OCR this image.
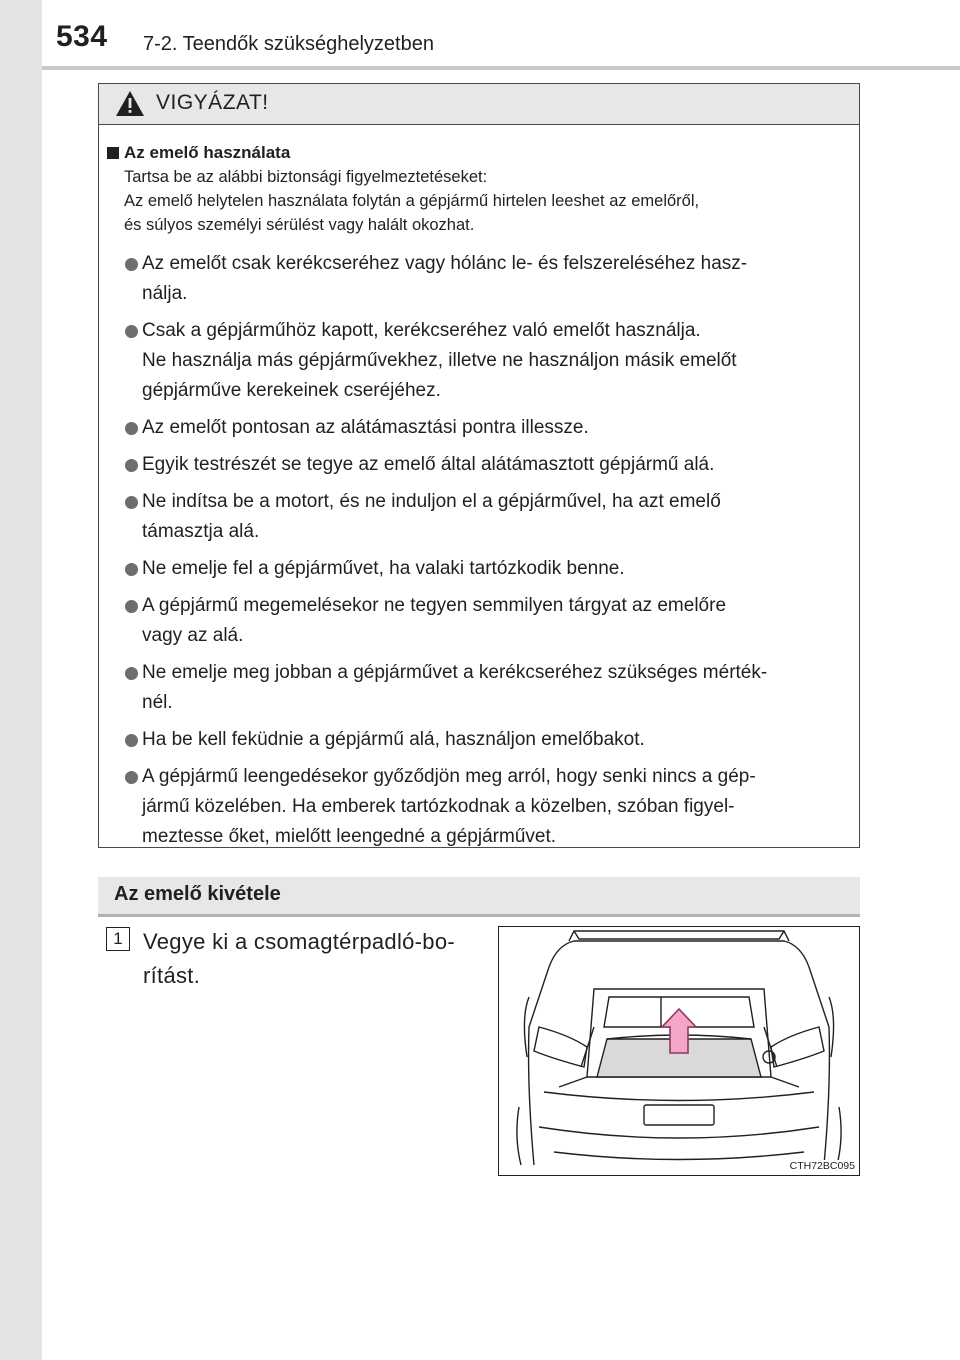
534 7-2. Teendők szükséghelyzetben
VIGYÁZAT!
Az emelő használata
Tartsa be az alábbi biztonsági figyelmeztetéseket:
Az emelő helytelen használata folytán a gépjármű hirtelen leeshet az emelőről,
és súlyos személyi sérülést vagy halált okozhat.
Az emelőt csak kerékcseréhez vagy hólánc le- és felszereléséhez hasz-
nálja.
Csak a gépjárműhöz kapott, kerékcseréhez való emelőt használja.
Ne használja más gépjárművekhez, illetve ne használjon másik emelőt
gépjárműve kerekeinek cseréjéhez.
Az emelőt pontosan az alátámasztási pontra illessze.
Egyik testrészét se tegye az emelő által alátámasztott gépjármű alá.
Ne indítsa be a motort, és ne induljon el a gépjárművel, ha azt emelő
támasztja alá.
Ne emelje fel a gépjárművet, ha valaki tartózkodik benne.
A gépjármű megemelésekor ne tegyen semmilyen tárgyat az emelőre
vagy az alá.
Ne emelje meg jobban a gépjárművet a kerékcseréhez szükséges mérték-
nél.
Ha be kell feküdnie a gépjármű alá, használjon emelőbakot.
A gépjármű leengedésekor győződjön meg arról, hogy senki nincs a gép-
jármű közelében. Ha emberek tartózkodnak a közelben, szóban figyel-
meztesse őket, mielőtt leengedné a gépjárművet.
Az emelő kivétele
1 Vegye ki a csomagtérpadló-bo-
rítást.
CTH72BC095
